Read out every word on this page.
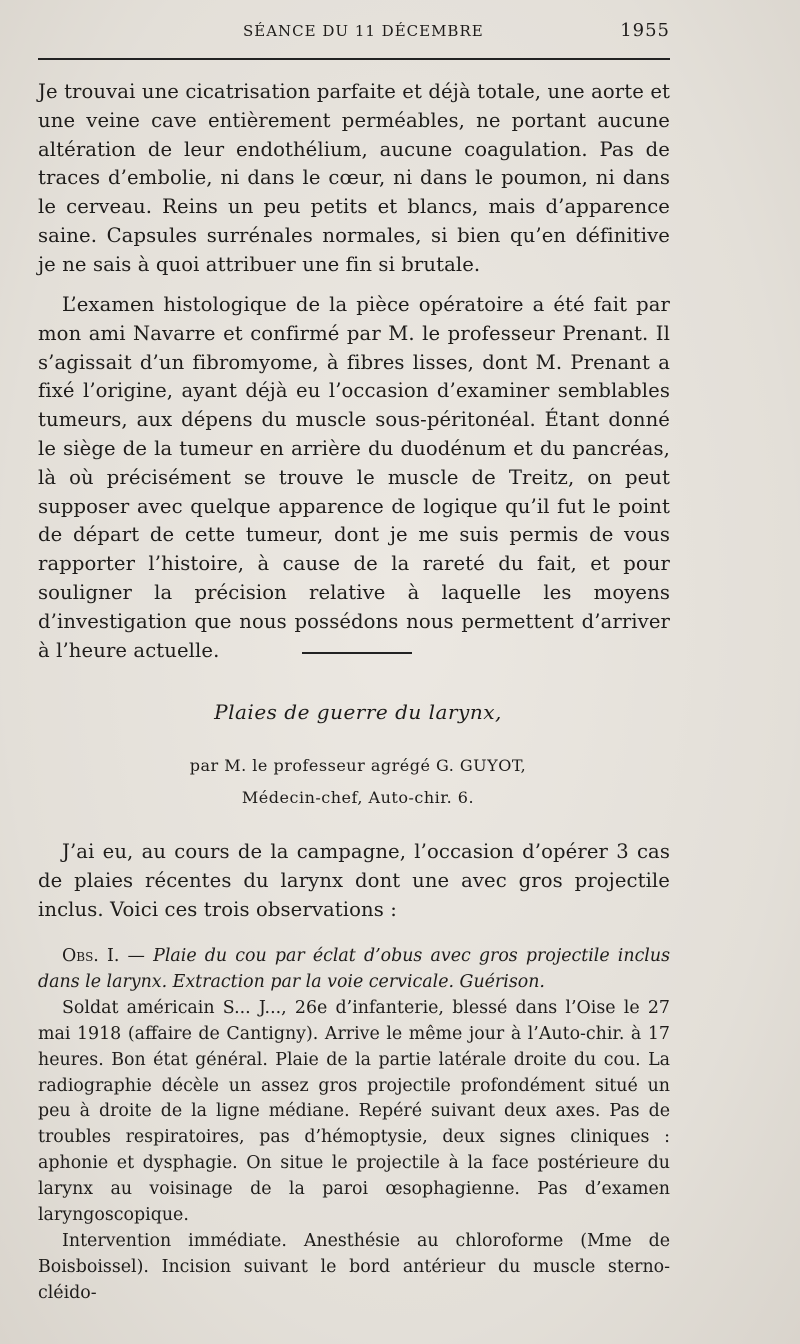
SÉANCE DU 11 DÉCEMBRE	1955

Je trouvai une cicatrisation parfaite et déjà totale, une aorte et une veine cave entièrement perméables, ne portant aucune altération de leur endothélium, aucune coagulation. Pas de traces d’embolie, ni dans le cœur, ni dans le poumon, ni dans le cerveau. Reins un peu petits et blancs, mais d’apparence saine. Capsules surrénales normales, si bien qu’en définitive je ne sais à quoi attribuer une fin si brutale.

L’examen histologique de la pièce opératoire a été fait par mon ami Navarre et confirmé par M. le professeur Prenant. Il s’agissait d’un fibromyome, à fibres lisses, dont M. Prenant a fixé l’origine, ayant déjà eu l’occasion d’examiner semblables tumeurs, aux dépens du muscle sous-péritonéal. Étant donné le siège de la tumeur en arrière du duodénum et du pancréas, là où précisément se trouve le muscle de Treitz, on peut supposer avec quelque apparence de logique qu’il fut le point de départ de cette tumeur, dont je me suis permis de vous rapporter l’histoire, à cause de la rareté du fait, et pour souligner la précision relative à laquelle les moyens d’investigation que nous possédons nous permettent d’arriver à l’heure actuelle.

Plaies de guerre du larynx,
par M. le professeur agrégé G. GUYOT,
Médecin-chef, Auto-chir. 6.

J’ai eu, au cours de la campagne, l’occasion d’opérer 3 cas de plaies récentes du larynx dont une avec gros projectile inclus. Voici ces trois observations :

Obs. I. — Plaie du cou par éclat d’obus avec gros projectile inclus dans le larynx. Extraction par la voie cervicale. Guérison.

Soldat américain S... J..., 26e d’infanterie, blessé dans l’Oise le 27 mai 1918 (affaire de Cantigny). Arrive le même jour à l’Auto-chir. à 17 heures. Bon état général. Plaie de la partie latérale droite du cou. La radiographie décèle un assez gros projectile profondément situé un peu à droite de la ligne médiane. Repéré suivant deux axes. Pas de troubles respiratoires, pas d’hémoptysie, deux signes cliniques : aphonie et dysphagie. On situe le projectile à la face postérieure du larynx au voisinage de la paroi œsophagienne. Pas d’examen laryngoscopique.

Intervention immédiate. Anesthésie au chloroforme (Mme de Boisboissel). Incision suivant le bord antérieur du muscle sterno-cléido-
